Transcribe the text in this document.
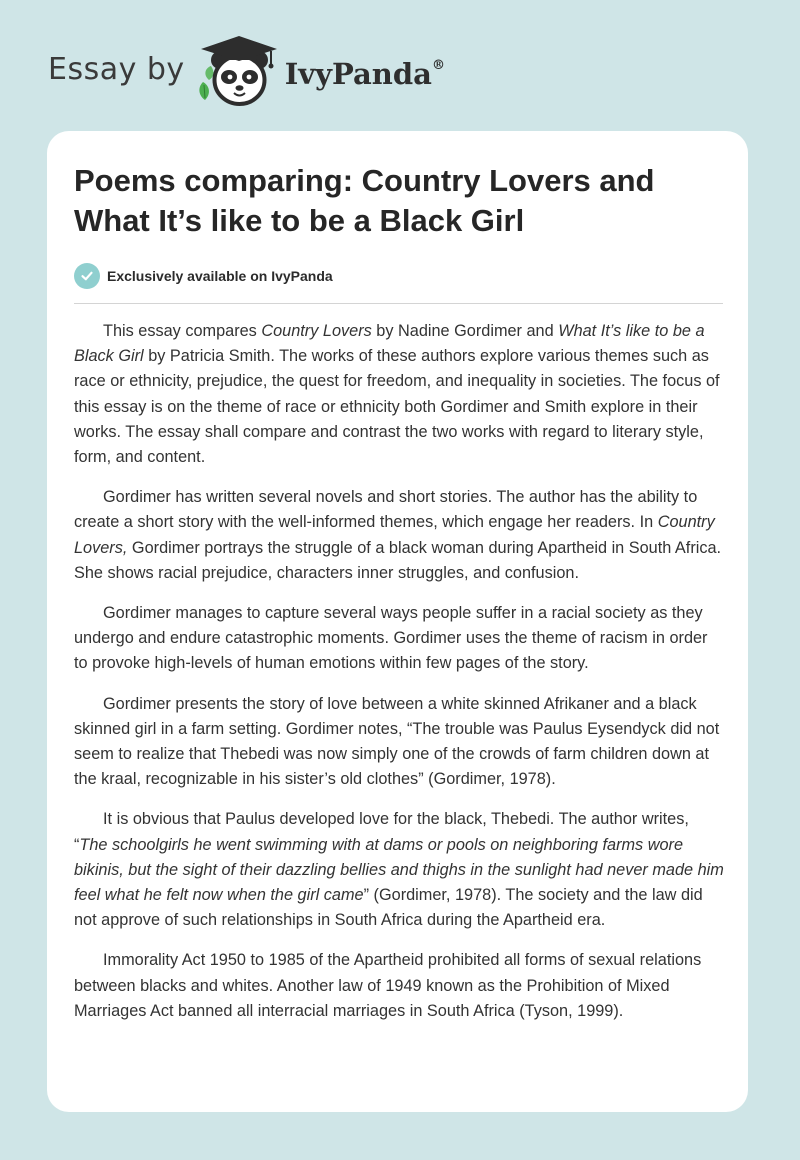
Essay by	IvyPanda®
Poems comparing: Country Lovers and What It’s like to be a Black Girl
Exclusively available on IvyPanda

This essay compares Country Lovers by Nadine Gordimer and What It’s like to be a Black Girl by Patricia Smith. The works of these authors explore various themes such as race or ethnicity, prejudice, the quest for freedom, and inequality in societies. The focus of this essay is on the theme of race or ethnicity both Gordimer and Smith explore in their works. The essay shall compare and contrast the two works with regard to literary style, form, and content.

Gordimer has written several novels and short stories. The author has the ability to create a short story with the well-informed themes, which engage her readers. In Country Lovers, Gordimer portrays the struggle of a black woman during Apartheid in South Africa. She shows racial prejudice, characters inner struggles, and confusion.

Gordimer manages to capture several ways people suffer in a racial society as they undergo and endure catastrophic moments. Gordimer uses the theme of racism in order to provoke high-levels of human emotions within few pages of the story.

Gordimer presents the story of love between a white skinned Afrikaner and a black skinned girl in a farm setting. Gordimer notes, “The trouble was Paulus Eysendyck did not seem to realize that Thebedi was now simply one of the crowds of farm children down at the kraal, recognizable in his sister’s old clothes” (Gordimer, 1978).

It is obvious that Paulus developed love for the black, Thebedi. The author writes, “The schoolgirls he went swimming with at dams or pools on neighboring farms wore bikinis, but the sight of their dazzling bellies and thighs in the sunlight had never made him feel what he felt now when the girl came” (Gordimer, 1978). The society and the law did not approve of such relationships in South Africa during the Apartheid era.

Immorality Act 1950 to 1985 of the Apartheid prohibited all forms of sexual relations between blacks and whites. Another law of 1949 known as the Prohibition of Mixed Marriages Act banned all interracial marriages in South Africa (Tyson, 1999).
